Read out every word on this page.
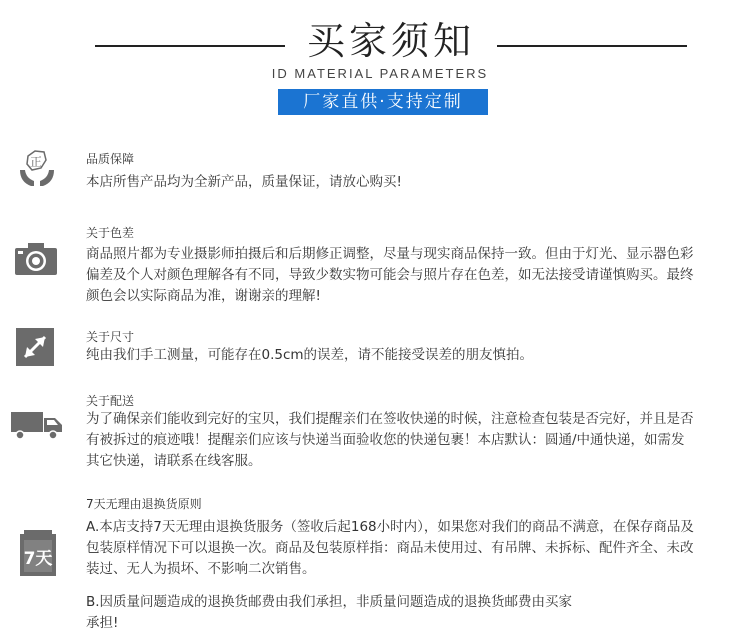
买家须知
ID MATERIAL PARAMETERS
厂家直供·支持定制
正	品质保障

本店所售产品均为全新产品，质量保证，请放心购买!

关于色差

商品照片都为专业摄影师拍摄后和后期修正调整，尽量与现实商品保持一致。但由于灯光、显示器色彩偏差及个人对颜色理解各有不同，导致少数实物可能会与照片存在色差，如无法接受请谨慎购买。最终颜色会以实际商品为准，谢谢亲的理解!

关于尺寸

纯由我们手工测量，可能存在0.5cm的误差，请不能接受误差的朋友慎拍。

关于配送

为了确保亲们能收到完好的宝贝，我们提醒亲们在签收快递的时候，注意检查包装是否完好，并且是否有被拆过的痕迹哦！提醒亲们应该与快递当面验收您的快递包裹！本店默认：圆通/中通快递，如需发其它快递，请联系在线客服。

7天
7天无理由退换货原则

A.本店支持7天无理由退换货服务（签收后起168小时内），如果您对我们的商品不满意，在保存商品及包装原样情况下可以退换一次。商品及包装原样指：商品未使用过、有吊牌、未拆标、配件齐全、未改装过、无人为损坏、不影响二次销售。

B.因质量问题造成的退换货邮费由我们承担，非质量问题造成的退换货邮费由买家承担!
